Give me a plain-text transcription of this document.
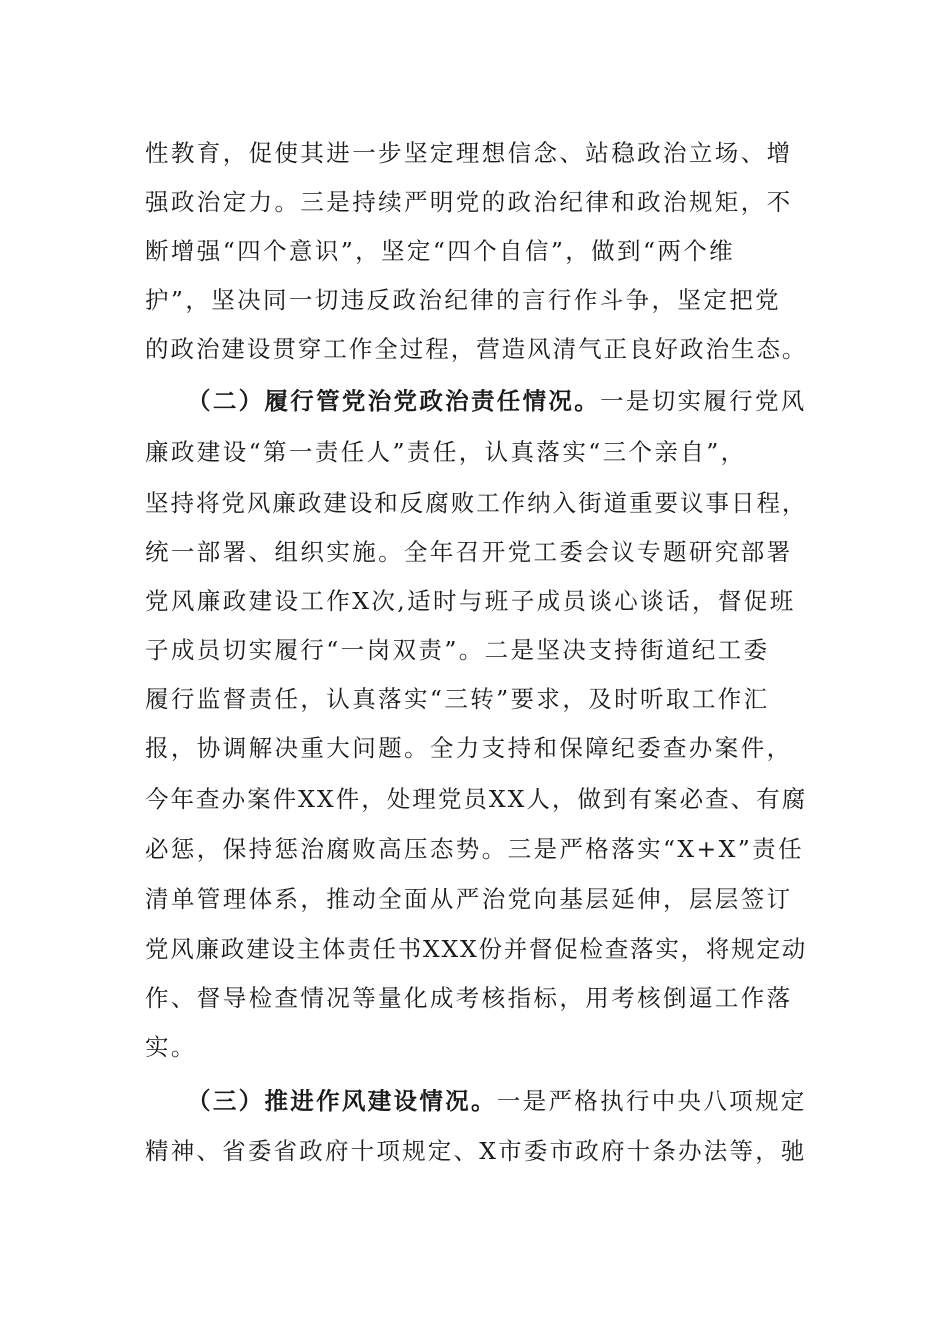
性教育，促使其进一步坚定理想信念、站稳政治立场、增
强政治定力。三是持续严明党的政治纪律和政治规矩，不
断增强“四个意识”，坚定“四个自信”，做到“两个维
护”，坚决同一切违反政治纪律的言行作斗争，坚定把党
的政治建设贯穿工作全过程，营造风清气正良好政治生态。
（二）履行管党治党政治责任情况。一是切实履行党风
廉政建设“第一责任人”责任，认真落实“三个亲自”，
坚持将党风廉政建设和反腐败工作纳入街道重要议事日程，
统一部署、组织实施。全年召开党工委会议专题研究部署
党风廉政建设工作X次,适时与班子成员谈心谈话，督促班
子成员切实履行“一岗双责”。二是坚决支持街道纪工委
履行监督责任，认真落实“三转”要求，及时听取工作汇
报，协调解决重大问题。全力支持和保障纪委查办案件，
今年查办案件XX件，处理党员XX人，做到有案必查、有腐
必惩，保持惩治腐败高压态势。三是严格落实“X+X”责任
清单管理体系，推动全面从严治党向基层延伸，层层签订
党风廉政建设主体责任书XXX份并督促检查落实，将规定动
作、督导检查情况等量化成考核指标，用考核倒逼工作落
实。
（三）推进作风建设情况。一是严格执行中央八项规定
精神、省委省政府十项规定、X市委市政府十条办法等，驰
